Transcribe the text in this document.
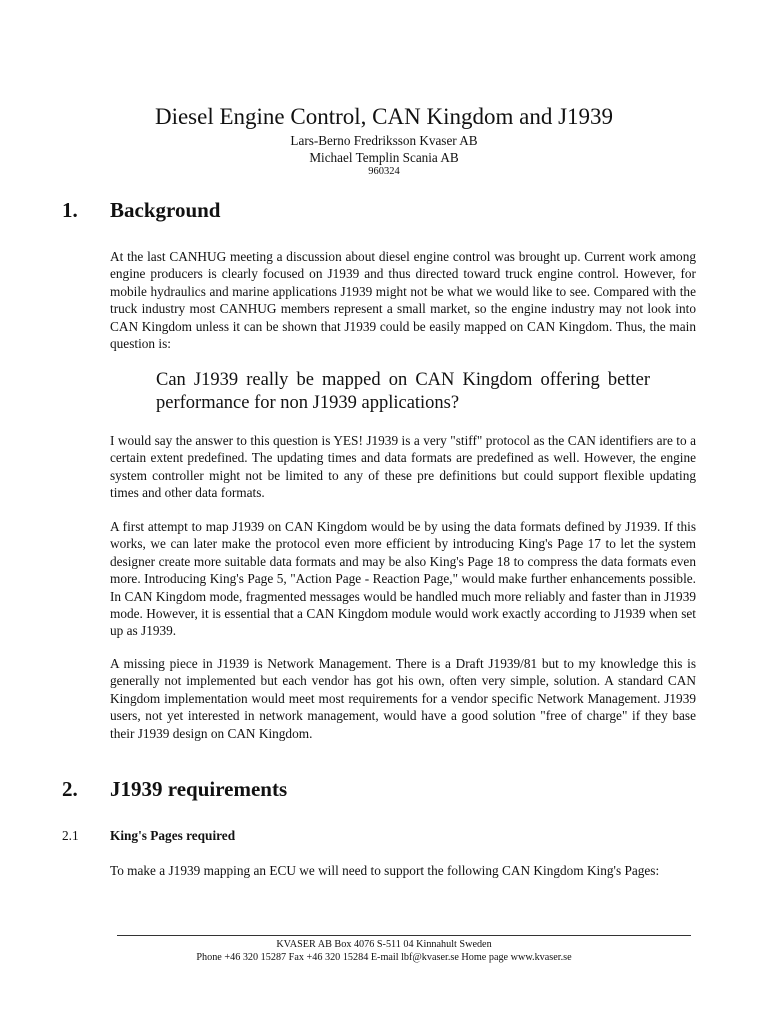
Diesel Engine Control, CAN Kingdom and J1939
Lars-Berno Fredriksson Kvaser AB
Michael Templin Scania AB
960324
1. Background

At the last CANHUG meeting a discussion about diesel engine control was brought up. Current work among engine producers is clearly focused on J1939 and thus directed toward truck engine control. However, for mobile hydraulics and marine applications J1939 might not be what we would like to see. Compared with the truck industry most CANHUG members represent a small market, so the engine industry may not look into CAN Kingdom unless it can be shown that J1939 could be easily mapped on CAN Kingdom. Thus, the main question is:

Can J1939 really be mapped on CAN Kingdom offering better performance for non J1939 applications?

I would say the answer to this question is YES! J1939 is a very "stiff" protocol as the CAN identifiers are to a certain extent predefined. The updating times and data formats are predefined as well. However, the engine system controller might not be limited to any of these pre definitions but could support flexible updating times and other data formats.

A first attempt to map J1939 on CAN Kingdom would be by using the data formats defined by J1939. If this works, we can later make the protocol even more efficient by introducing King's Page 17 to let the system designer create more suitable data formats and may be also King's Page 18 to compress the data formats even more. Introducing King's Page 5, "Action Page - Reaction Page," would make further enhancements possible. In CAN Kingdom mode, fragmented messages would be handled much more reliably and faster than in J1939 mode. However, it is essential that a CAN Kingdom module would work exactly according to J1939 when set up as J1939.

A missing piece in J1939 is Network Management. There is a Draft J1939/81 but to my knowledge this is generally not implemented but each vendor has got his own, often very simple, solution. A standard CAN Kingdom implementation would meet most requirements for a vendor specific Network Management. J1939 users, not yet interested in network management, would have a good solution "free of charge" if they base their J1939 design on CAN Kingdom.

2. J1939 requirements
2.1 King's Pages required

To make a J1939 mapping an ECU we will need to support the following CAN Kingdom King's Pages:

KVASER AB Box 4076 S-511 04 Kinnahult Sweden
Phone +46 320 15287 Fax +46 320 15284 E-mail lbf@kvaser.se Home page www.kvaser.se
